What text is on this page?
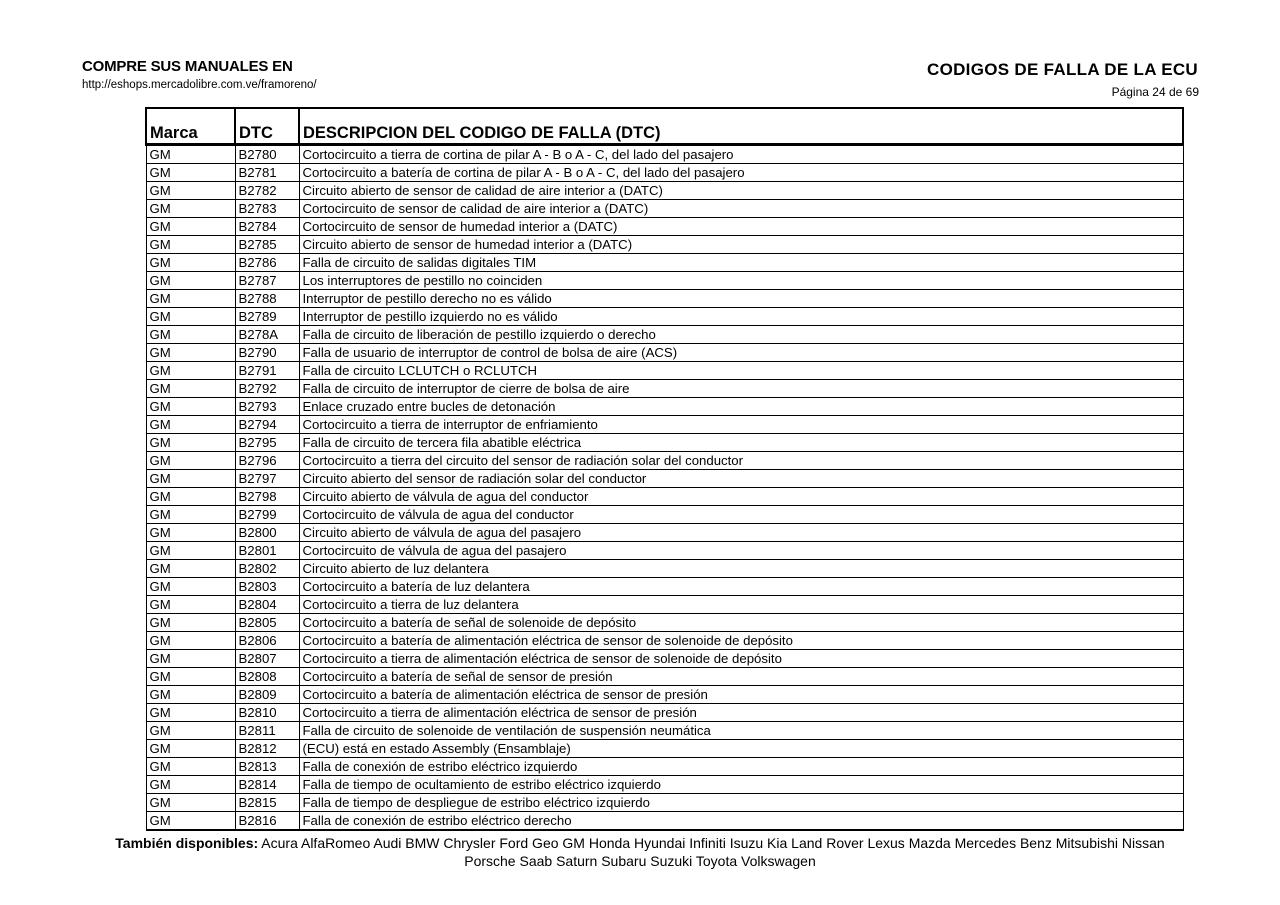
COMPRE SUS MANUALES EN
http://eshops.mercadolibre.com.ve/framoreno/
CODIGOS DE FALLA DE LA ECU
Página 24 de 69
Marca	DTC	DESCRIPCION DEL CODIGO DE FALLA (DTC)
GM	B2780	Cortocircuito a tierra de cortina de pilar A - B o A - C, del lado del pasajero
GM	B2781	Cortocircuito a batería de cortina de pilar A - B o A - C, del lado del pasajero
GM	B2782	Circuito abierto de sensor de calidad de aire interior a (DATC)
GM	B2783	Cortocircuito de sensor de calidad de aire interior a (DATC)
GM	B2784	Cortocircuito de sensor de humedad interior a (DATC)
GM	B2785	Circuito abierto de sensor de humedad interior a (DATC)
GM	B2786	Falla de circuito de salidas digitales TIM
GM	B2787	Los interruptores de pestillo no coinciden
GM	B2788	Interruptor de pestillo derecho no es válido
GM	B2789	Interruptor de pestillo izquierdo no es válido
GM	B278A	Falla de circuito de liberación de pestillo izquierdo o derecho
GM	B2790	Falla de usuario de interruptor de control de bolsa de aire (ACS)
GM	B2791	Falla de circuito LCLUTCH o RCLUTCH
GM	B2792	Falla de circuito de interruptor de cierre de bolsa de aire
GM	B2793	Enlace cruzado entre bucles de detonación
GM	B2794	Cortocircuito a tierra de interruptor de enfriamiento
GM	B2795	Falla de circuito de tercera fila abatible eléctrica
GM	B2796	Cortocircuito a tierra del circuito del sensor de radiación solar del conductor
GM	B2797	Circuito abierto del sensor de radiación solar del conductor
GM	B2798	Circuito abierto de válvula de agua del conductor
GM	B2799	Cortocircuito de válvula de agua del conductor
GM	B2800	Circuito abierto de válvula de agua del pasajero
GM	B2801	Cortocircuito de válvula de agua del pasajero
GM	B2802	Circuito abierto de luz delantera
GM	B2803	Cortocircuito a batería de luz delantera
GM	B2804	Cortocircuito a tierra de luz delantera
GM	B2805	Cortocircuito a batería de señal de solenoide de depósito
GM	B2806	Cortocircuito a batería de alimentación eléctrica de sensor de solenoide de depósito
GM	B2807	Cortocircuito a tierra de alimentación eléctrica de sensor de solenoide de depósito
GM	B2808	Cortocircuito a batería de señal de sensor de presión
GM	B2809	Cortocircuito a batería de alimentación eléctrica de sensor de presión
GM	B2810	Cortocircuito a tierra de alimentación eléctrica de sensor de presión
GM	B2811	Falla de circuito de solenoide de ventilación de suspensión neumática
GM	B2812	(ECU) está en estado Assembly (Ensamblaje)
GM	B2813	Falla de conexión de estribo eléctrico izquierdo
GM	B2814	Falla de tiempo de ocultamiento de estribo eléctrico izquierdo
GM	B2815	Falla de tiempo de despliegue de estribo eléctrico izquierdo
GM	B2816	Falla de conexión de estribo eléctrico derecho
También disponibles: Acura AlfaRomeo Audi BMW Chrysler Ford Geo GM Honda Hyundai Infiniti Isuzu Kia Land Rover Lexus Mazda Mercedes Benz Mitsubishi Nissan
Porsche Saab Saturn Subaru Suzuki Toyota Volkswagen
